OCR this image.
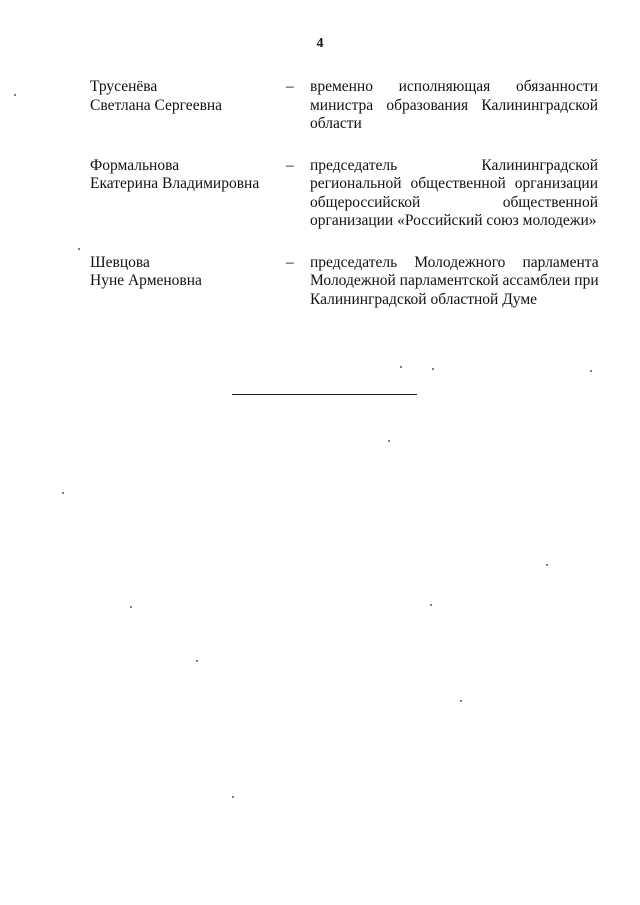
4
Трусенёва
Светлана Сергеевна
–	временно исполняющая обязанности
министра образования Калининградской
области
Формальнова
Екатерина Владимировна
–	председатель Калининградской
региональной общественной организации
общероссийской общественной
организации «Российский союз молодежи»
Шевцова
Нуне Арменовна
–	председатель Молодежного парламента
Молодежной парламентской ассамблеи при
Калининградской областной Думе
